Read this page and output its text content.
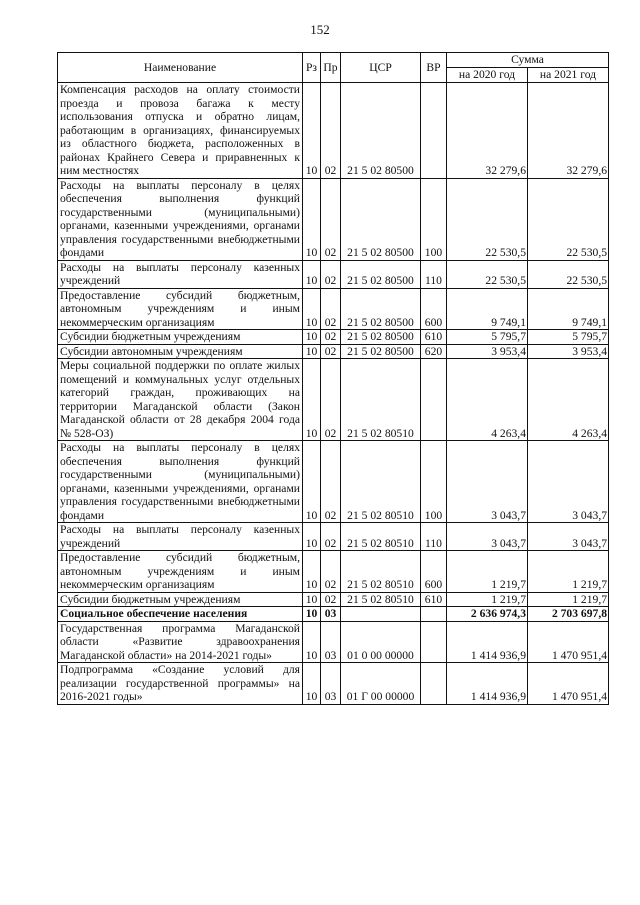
152
Наименование	Рз	Пр	ЦСР	ВР	Сумма	
					на 2020 год	на 2021 год
Компенсация расходов на оплату стоимости проезда и провоза багажа к месту использования отпуска и обратно лицам, работающим в организациях, финансируемых из областного бюджета, расположенных в районах Крайнего Севера и приравненных к ним местностях	10	02	21 5 02 80500		32 279,6	32 279,6
Расходы на выплаты персоналу в целях обеспечения выполнения функций государственными (муниципальными) органами, казенными учреждениями, органами управления государственными внебюджетными фондами	10	02	21 5 02 80500	100	22 530,5	22 530,5
Расходы на выплаты персоналу казенных учреждений	10	02	21 5 02 80500	110	22 530,5	22 530,5
Предоставление субсидий бюджетным, автономным учреждениям и иным некоммерческим организациям	10	02	21 5 02 80500	600	9 749,1	9 749,1
Субсидии бюджетным учреждениям	10	02	21 5 02 80500	610	5 795,7	5 795,7
Субсидии автономным учреждениям	10	02	21 5 02 80500	620	3 953,4	3 953,4
Меры социальной поддержки по оплате жилых помещений и коммунальных услуг отдельных категорий граждан, проживающих на территории Магаданской области (Закон Магаданской области от 28 декабря 2004 года № 528-ОЗ)	10	02	21 5 02 80510		4 263,4	4 263,4
Расходы на выплаты персоналу в целях обеспечения выполнения функций государственными (муниципальными) органами, казенными учреждениями, органами управления государственными внебюджетными фондами	10	02	21 5 02 80510	100	3 043,7	3 043,7
Расходы на выплаты персоналу казенных учреждений	10	02	21 5 02 80510	110	3 043,7	3 043,7
Предоставление субсидий бюджетным, автономным учреждениям и иным некоммерческим организациям	10	02	21 5 02 80510	600	1 219,7	1 219,7
Субсидии бюджетным учреждениям	10	02	21 5 02 80510	610	1 219,7	1 219,7
Социальное обеспечение населения	10	03			2 636 974,3	2 703 697,8
Государственная программа Магаданской области «Развитие здравоохранения Магаданской области» на 2014-2021 годы»	10	03	01 0 00 00000		1 414 936,9	1 470 951,4
Подпрограмма «Создание условий для реализации государственной программы» на 2016-2021 годы»	10	03	01 Г 00 00000		1 414 936,9	1 470 951,4
